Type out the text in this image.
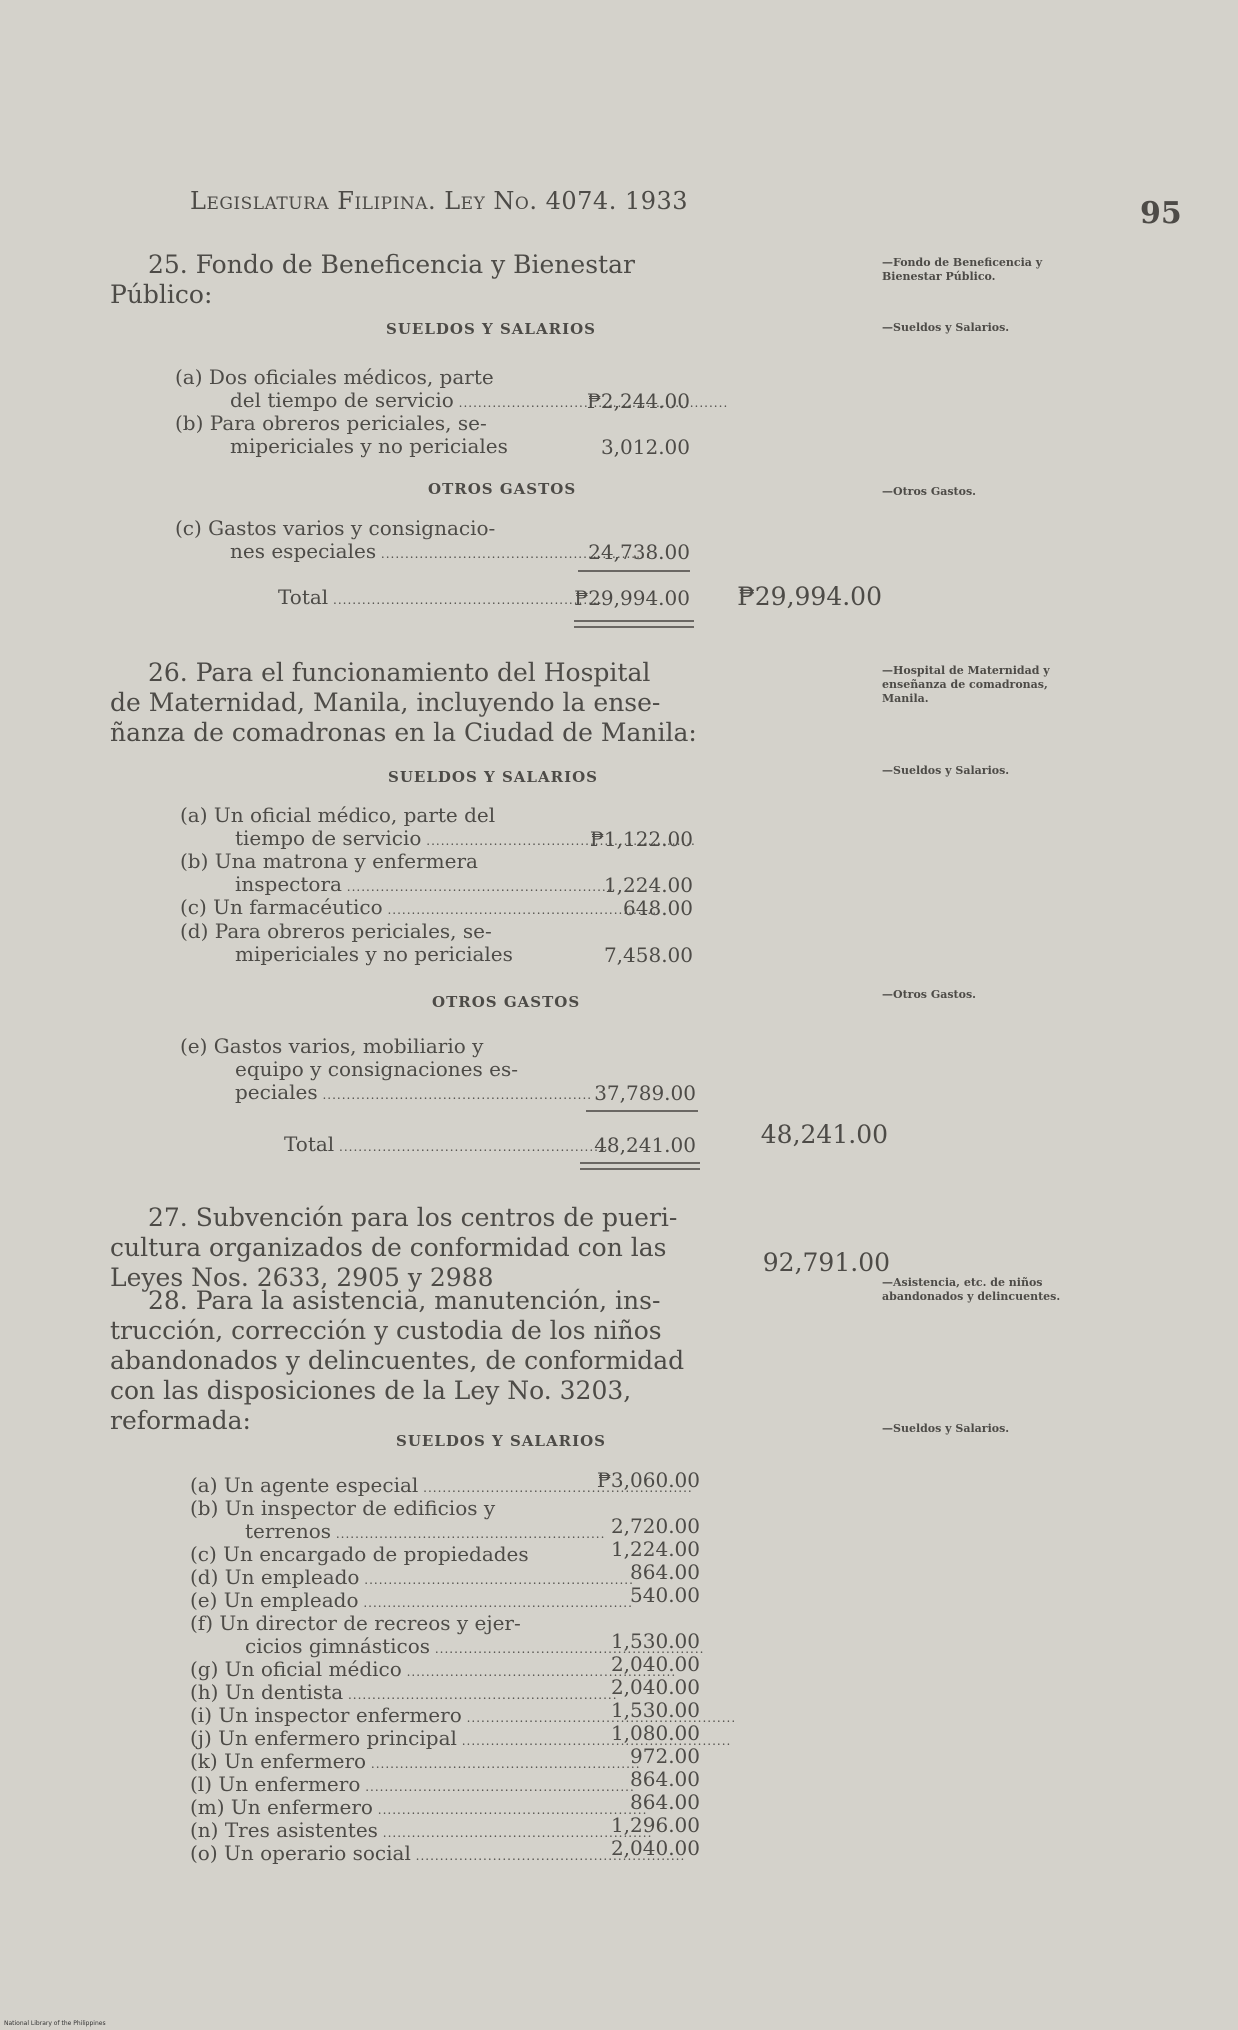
Legislatura Filipina. Ley No. 4074. 1933	95
25. Fondo de Beneficencia y Bienestar
Público:
SUELDOS Y SALARIOS
—Fondo de Beneficencia y Bienestar Público.
—Sueldos y Salarios.
(a) Dos oficiales médicos, parte
del tiempo de servicio .....	₱2,244.00
(b) Para obreros periciales, se-
mipericiales y no periciales	3,012.00
OTROS GASTOS	—Otros Gastos.
(c) Gastos varios y consignacio-
nes especiales .....	24,738.00
Total .....	₱29,994.00 ₱29,994.00
26. Para el funcionamiento del Hospital
de Maternidad, Manila, incluyendo la ense-
ñanza de comadronas en la Ciudad de Manila:
—Hospital de Maternidad y enseñanza de comadronas, Manila.
SUELDOS Y SALARIOS	—Sueldos y Salarios.
(a) Un oficial médico, parte del
tiempo de servicio .....	₱1,122.00
(b) Una matrona y enfermera
inspectora .....	1,224.00
(c) Un farmacéutico .....	648.00
(d) Para obreros periciales, se-
mipericiales y no periciales	7,458.00
OTROS GASTOS	—Otros Gastos.
(e) Gastos varios, mobiliario y
equipo y consignaciones es-
peciales .....	37,789.00
Total .....	48,241.00	48,241.00
27. Subvención para los centros de pueri-
cultura organizados de conformidad con las
Leyes Nos. 2633, 2905 y 2988
92,791.00
28. Para la asistencia, manutención, ins-
trucción, corrección y custodia de los niños
abandonados y delincuentes, de conformidad
con las disposiciones de la Ley No. 3203,
reformada:
—Asistencia, etc. de niños abandonados y delincuentes.
SUELDOS Y SALARIOS
—Sueldos y Salarios.
(a) Un agente especial .....	₱3,060.00
(b) Un inspector de edificios y
terrenos .....	2,720.00
(c) Un encargado de propiedades	1,224.00
(d) Un empleado .....	864.00
(e) Un empleado .....	540.00
(f) Un director de recreos y ejer-
cicios gimnásticos .....	1,530.00
(g) Un oficial médico .....	2,040.00
(h) Un dentista .....	2,040.00
(i) Un inspector enfermero .....	1,530.00
(j) Un enfermero principal .....	1,080.00
(k) Un enfermero .....	972.00
(l) Un enfermero .....	864.00
(m) Un enfermero .....	864.00
(n) Tres asistentes .....	1,296.00
(o) Un operario social .....	2,040.00
National Library of the Philippines
